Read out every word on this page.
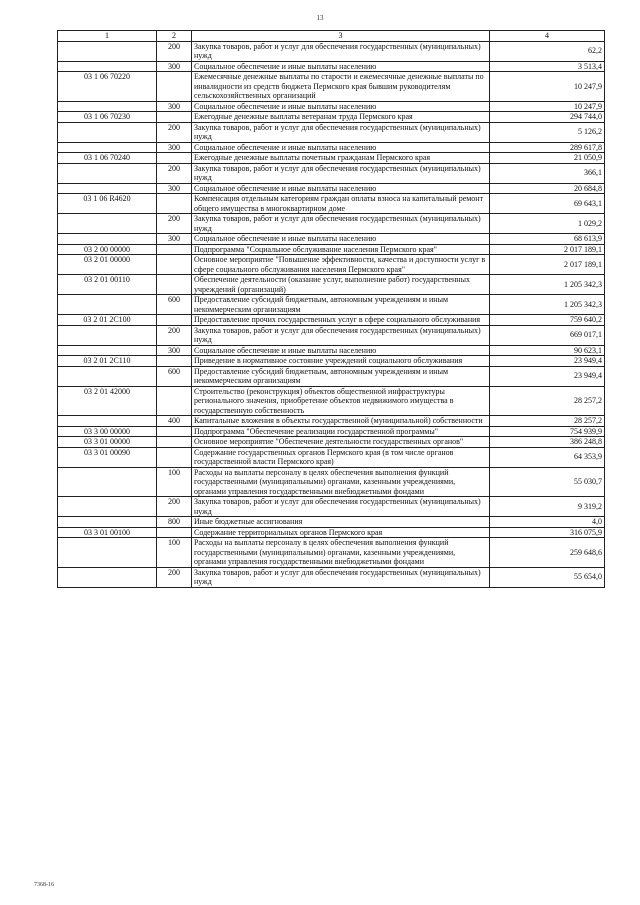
13
1	2	3	4
	200	Закупка товаров, работ и услуг для обеспечения государственных (муниципальных) нужд	62,2
	300	Социальное обеспечение и иные выплаты населению	3 513,4
03 1 06 70220		Ежемесячные денежные выплаты по старости и ежемесячные денежные выплаты по инвалидности из средств бюджета Пермского края бывшим руководителям сельскохозяйственных организаций	10 247,9
	300	Социальное обеспечение и иные выплаты населению	10 247,9
03 1 06 70230		Ежегодные денежные выплаты ветеранам труда Пермского края	294 744,0
	200	Закупка товаров, работ и услуг для обеспечения государственных (муниципальных) нужд	5 126,2
	300	Социальное обеспечение и иные выплаты населению	289 617,8
03 1 06 70240		Ежегодные денежные выплаты почетным гражданам Пермского края	21 050,9
	200	Закупка товаров, работ и услуг для обеспечения государственных (муниципальных) нужд	366,1
	300	Социальное обеспечение и иные выплаты населению	20 684,8
03 1 06 R4620		Компенсация отдельным категориям граждан оплаты взноса на капитальный ремонт общего имущества в многоквартирном доме	69 643,1
	200	Закупка товаров, работ и услуг для обеспечения государственных (муниципальных) нужд	1 029,2
	300	Социальное обеспечение и иные выплаты населению	68 613,9
03 2 00 00000		Подпрограмма "Социальное обслуживание населения Пермского края"	2 017 189,1
03 2 01 00000		Основное мероприятие "Повышение эффективности, качества и доступности услуг в сфере социального обслуживания населения Пермского края"	2 017 189,1
03 2 01 00110		Обеспечение деятельности (оказание услуг, выполнение работ) государственных учреждений (организаций)	1 205 342,3
	600	Предоставление субсидий бюджетным, автономным учреждениям и иным некоммерческим организациям	1 205 342,3
03 2 01 2С100		Предоставление прочих государственных услуг в сфере социального обслуживания	759 640,2
	200	Закупка товаров, работ и услуг для обеспечения государственных (муниципальных) нужд	669 017,1
	300	Социальное обеспечение и иные выплаты населению	90 623,1
03 2 01 2С110		Приведение в нормативное состояние учреждений социального обслуживания	23 949,4
	600	Предоставление субсидий бюджетным, автономным учреждениям и иным некоммерческим организациям	23 949,4
03 2 01 42000		Строительство (реконструкция) объектов общественной инфраструктуры регионального значения, приобретение объектов недвижимого имущества в государственную собственность	28 257,2
	400	Капитальные вложения в объекты государственной (муниципальной) собственности	28 257,2
03 3 00 00000		Подпрограмма "Обеспечение реализации государственной программы"	754 939,9
03 3 01 00000		Основное мероприятие "Обеспечение деятельности государственных органов"	386 248,8
03 3 01 00090		Содержание государственных органов Пермского края (в том числе органов государственной власти Пермского края)	64 353,9
	100	Расходы на выплаты персоналу в целях обеспечения выполнения функций государственными (муниципальными) органами, казенными учреждениями, органами управления государственными внебюджетными фондами	55 030,7
	200	Закупка товаров, работ и услуг для обеспечения государственных (муниципальных) нужд	9 319,2
	800	Иные бюджетные ассигнования	4,0
03 3 01 00100		Содержание территориальных органов Пермского края	316 075,9
	100	Расходы на выплаты персоналу в целях обеспечения выполнения функций государственными (муниципальными) органами, казенными учреждениями, органами управления государственными внебюджетными фондами	259 648,6
	200	Закупка товаров, работ и услуг для обеспечения государственных (муниципальных) нужд	55 654,0
7368-16
